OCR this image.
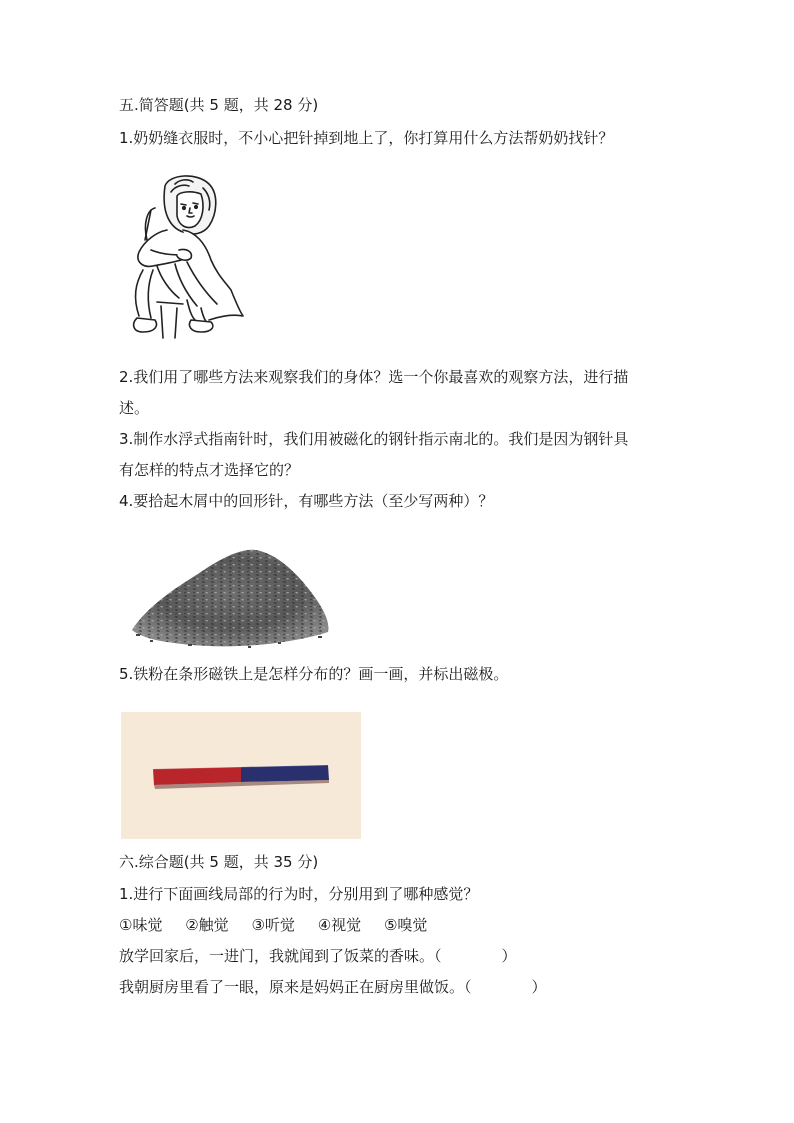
五.简答题(共 5 题，共 28 分)
1.奶奶缝衣服时，不小心把针掉到地上了，你打算用什么方法帮奶奶找针？
2.我们用了哪些方法来观察我们的身体？选一个你最喜欢的观察方法，进行描
述。
3.制作水浮式指南针时，我们用被磁化的钢针指示南北的。我们是因为钢针具
有怎样的特点才选择它的？
4.要拾起木屑中的回形针，有哪些方法（至少写两种）？
5.铁粉在条形磁铁上是怎样分布的？画一画，并标出磁极。
六.综合题(共 5 题，共 35 分)
1.进行下面画线局部的行为时，分别用到了哪种感觉？
①味觉 ②触觉 ③听觉 ④视觉 ⑤嗅觉
放学回家后，一进门，我就闻到了饭菜的香味。（　　　　）
我朝厨房里看了一眼，原来是妈妈正在厨房里做饭。（　　　　）
